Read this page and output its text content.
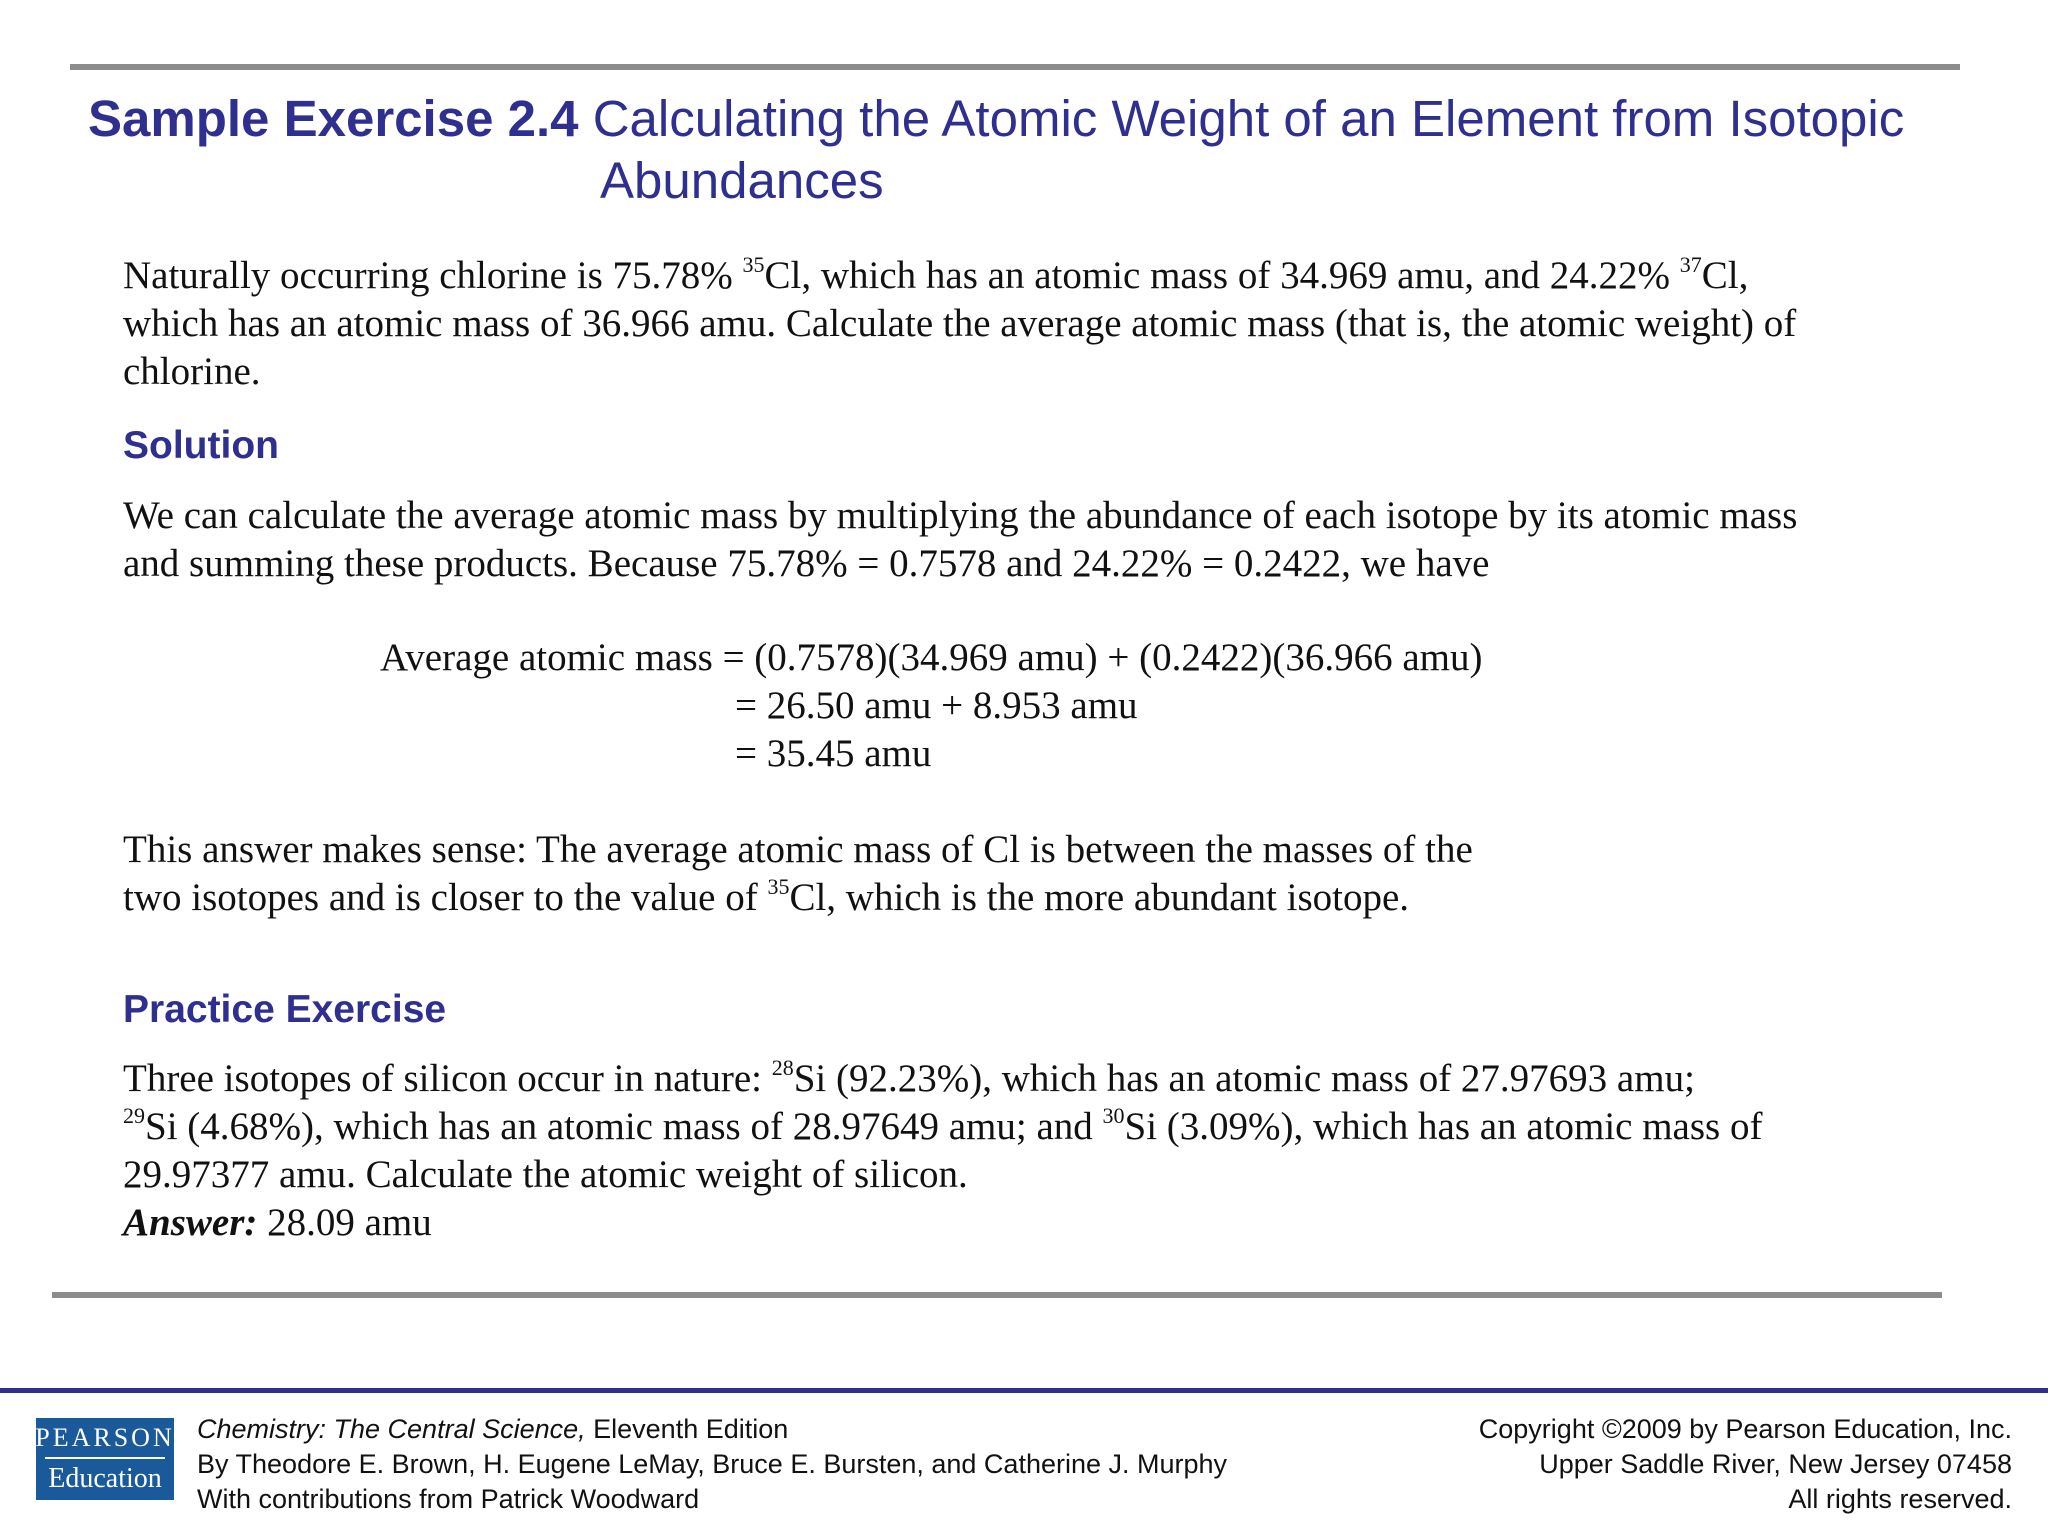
Sample Exercise 2.4 Calculating the Atomic Weight of an Element from Isotopic
Abundances
Naturally occurring chlorine is 75.78% $^{35}$Cl, which has an atomic mass of 34.969 amu, and 24.22% $^{37}$Cl,
which has an atomic mass of 36.966 amu. Calculate the average atomic mass (that is, the atomic weight) of
chlorine.
Solution
We can calculate the average atomic mass by multiplying the abundance of each isotope by its atomic mass
and summing these products. Because 75.78% = 0.7578 and 24.22% = 0.2422, we have
Average atomic mass = (0.7578)(34.969 amu) + (0.2422)(36.966 amu)
= 26.50 amu + 8.953 amu
= 35.45 amu
This answer makes sense: The average atomic mass of Cl is between the masses of the
two isotopes and is closer to the value of $^{35}$Cl, which is the more abundant isotope.
Practice Exercise
Three isotopes of silicon occur in nature: $^{28}$Si (92.23%), which has an atomic mass of 27.97693 amu;
$^{29}$Si (4.68%), which has an atomic mass of 28.97649 amu; and $^{30}$Si (3.09%), which has an atomic mass of
29.97377 amu. Calculate the atomic weight of silicon.
Answer: 28.09 amu
PEARSON
Education
Chemistry: The Central Science, Eleventh Edition
By Theodore E. Brown, H. Eugene LeMay, Bruce E. Bursten, and Catherine J. Murphy
With contributions from Patrick Woodward
Copyright ©2009 by Pearson Education, Inc.
Upper Saddle River, New Jersey 07458
All rights reserved.
